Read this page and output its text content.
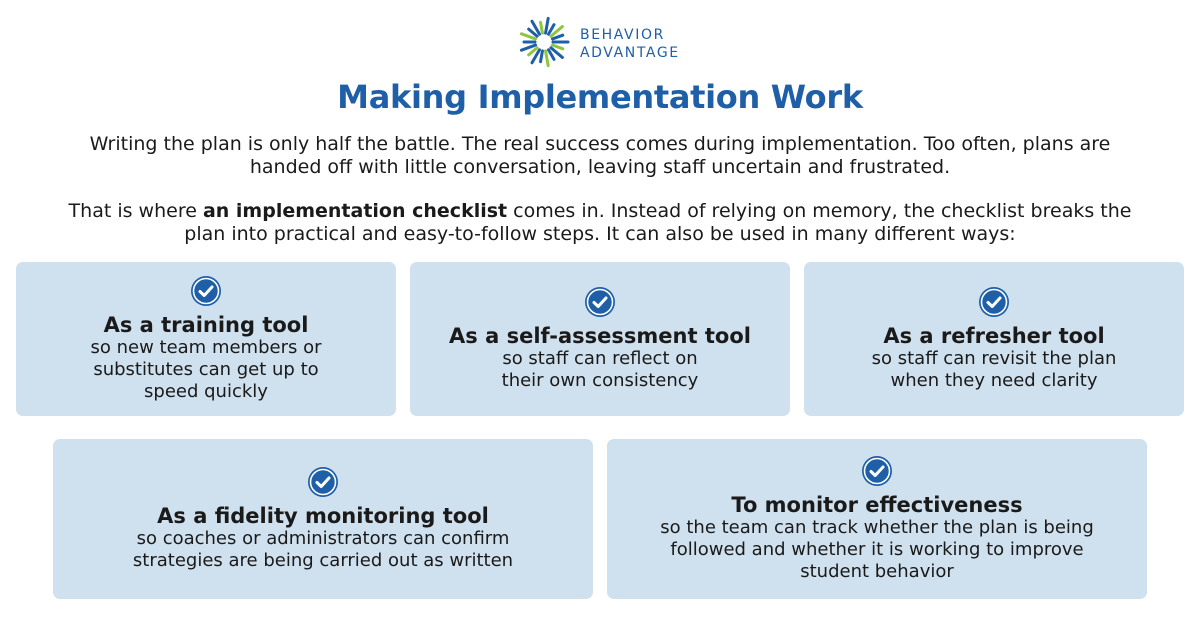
BEHAVIOR
ADVANTAGE
Making Implementation Work
Writing the plan is only half the battle. The real success comes during implementation. Too often, plans are handed off with little conversation, leaving staff uncertain and frustrated.
That is where an implementation checklist comes in. Instead of relying on memory, the checklist breaks the plan into practical and easy-to-follow steps. It can also be used in many different ways:
As a training tool
so new team members or substitutes can get up to speed quickly
As a self-assessment tool
so staff can reflect on their own consistency
As a refresher tool
so staff can revisit the plan when they need clarity
As a fidelity monitoring tool
so coaches or administrators can confirm strategies are being carried out as written
To monitor effectiveness
so the team can track whether the plan is being followed and whether it is working to improve student behavior
